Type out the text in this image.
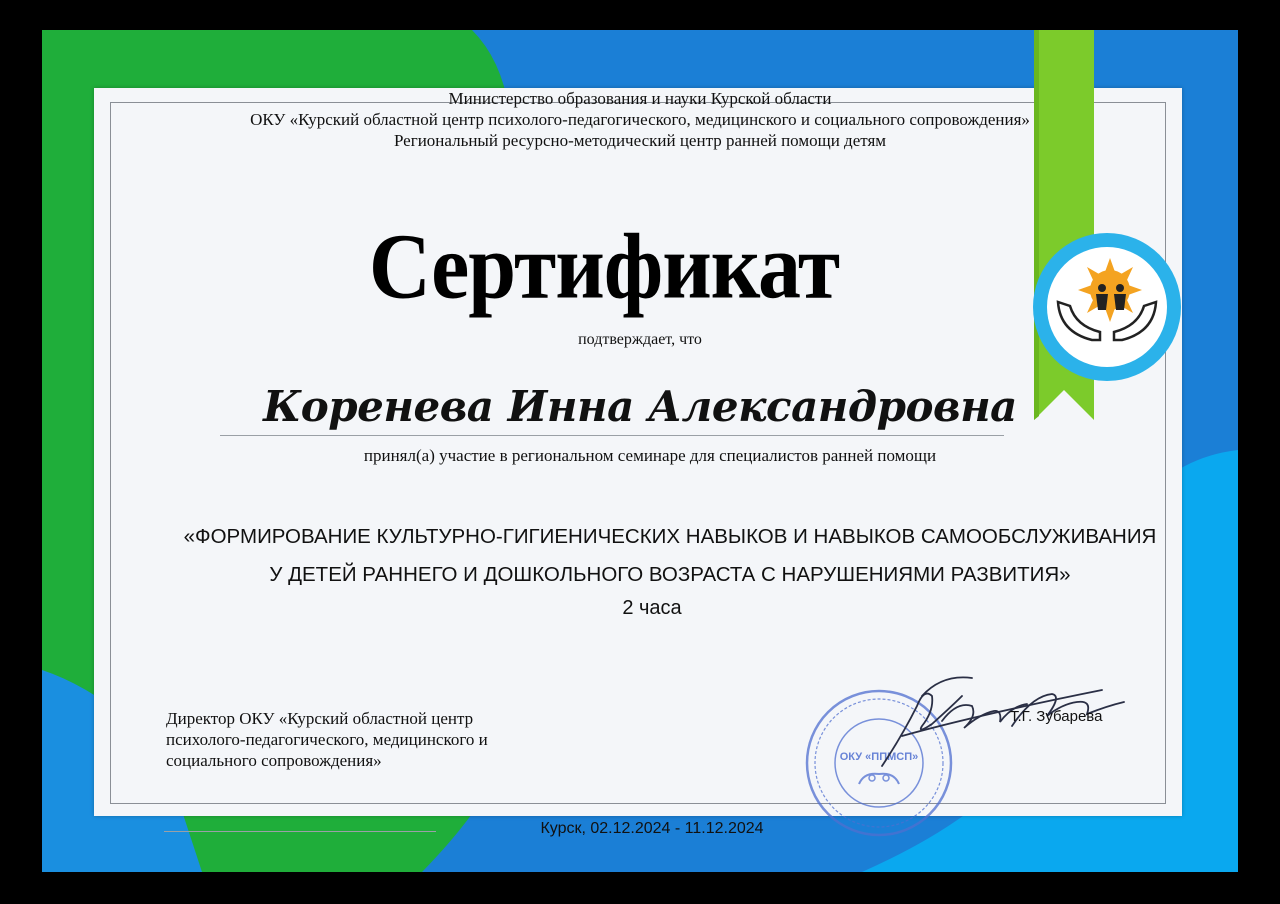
Министерство образования и науки Курской области
ОКУ «Курский областной центр психолого-педагогического, медицинского и социального сопровождения»
Региональный ресурсно-методический центр ранней помощи детям
Сертификат
подтверждает, что
Коренева Инна Александровна
принял(а) участие в региональном семинаре для специалистов ранней помощи
«ФОРМИРОВАНИЕ КУЛЬТУРНО-ГИГИЕНИЧЕСКИХ НАВЫКОВ И НАВЫКОВ САМООБСЛУЖИВАНИЯ
У ДЕТЕЙ РАННЕГО И ДОШКОЛЬНОГО ВОЗРАСТА С НАРУШЕНИЯМИ РАЗВИТИЯ»
2 часа
Директор ОКУ «Курский областной центр
психолого-педагогического, медицинского и
социального сопровождения»	ОКУ «ППМСП»
Т.Г. Зубарева
Курск, 02.12.2024 - 11.12.2024
